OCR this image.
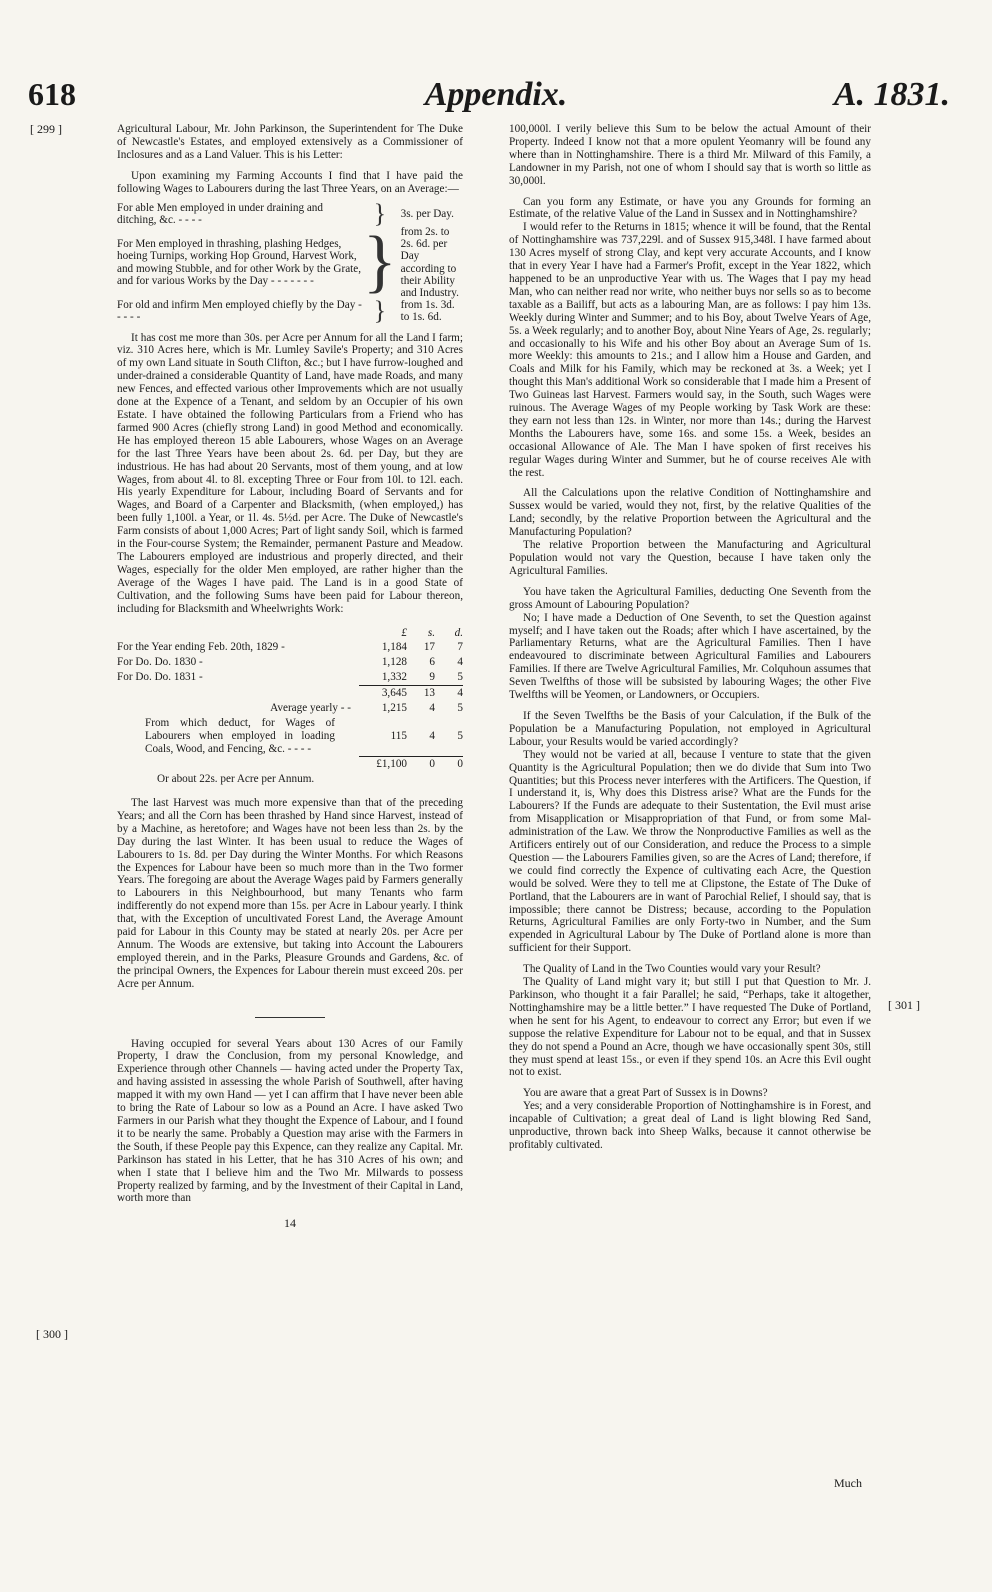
618	Appendix.	A. 1831.
[ 299 ]
[ 300 ]
[ 301 ]

Agricultural Labour, Mr. John Parkinson, the Superintendent for The Duke of Newcastle's Estates, and employed extensively as a Commissioner of Inclosures and as a Land Valuer. This is his Letter:

Upon examining my Farming Accounts I find that I have paid the following Wages to Labourers during the last Three Years, on an Average:—

For able Men employed in under draining and ditching, &c. - - - -	}	3s. per Day.
For Men employed in thrashing, plashing Hedges, hoeing Turnips, working Hop Ground, Harvest Work, and mowing Stubble, and for other Work by the Grate, and for various Works by the Day - - - - - - -	}	from 2s. to 2s. 6d. per Day according to their Ability and Industry.
For old and infirm Men employed chiefly by the Day - - - - -	}	from 1s. 3d. to 1s. 6d.

It has cost me more than 30s. per Acre per Annum for all the Land I farm; viz. 310 Acres here, which is Mr. Lumley Savile's Property; and 310 Acres of my own Land situate in South Clifton, &c.; but I have furrow-loughed and under-drained a considerable Quantity of Land, have made Roads, and many new Fences, and effected various other Improvements which are not usually done at the Expence of a Tenant, and seldom by an Occupier of his own Estate. I have obtained the following Particulars from a Friend who has farmed 900 Acres (chiefly strong Land) in good Method and economically. He has employed thereon 15 able Labourers, whose Wages on an Average for the last Three Years have been about 2s. 6d. per Day, but they are industrious. He has had about 20 Servants, most of them young, and at low Wages, from about 4l. to 8l. excepting Three or Four from 10l. to 12l. each. His yearly Expenditure for Labour, including Board of Servants and for Wages, and Board of a Carpenter and Blacksmith, (when employed,) has been fully 1,100l. a Year, or 1l. 4s. 5½d. per Acre. The Duke of Newcastle's Farm consists of about 1,000 Acres; Part of light sandy Soil, which is farmed in the Four-course System; the Remainder, permanent Pasture and Meadow. The Labourers employed are industrious and properly directed, and their Wages, especially for the older Men employed, are rather higher than the Average of the Wages I have paid. The Land is in a good State of Cultivation, and the following Sums have been paid for Labour thereon, including for Blacksmith and Wheelwrights Work:

	£	s.	d.
For the Year ending Feb. 20th, 1829 -	1,184	17	7
For Do. Do. 1830 -	1,128	6	4
For Do. Do. 1831 -	1,332	9	5
	3,645	13	4
Average yearly - -	1,215	4	5
From which deduct, for Wages of Labourers when employed in loading Coals, Wood, and Fencing, &c. - - - -	115	4	5
	£1,100	0	0
Or about 22s. per Acre per Annum.			

The last Harvest was much more expensive than that of the preceding Years; and all the Corn has been thrashed by Hand since Harvest, instead of by a Machine, as heretofore; and Wages have not been less than 2s. by the Day during the last Winter. It has been usual to reduce the Wages of Labourers to 1s. 8d. per Day during the Winter Months. For which Reasons the Expences for Labour have been so much more than in the Two former Years. The foregoing are about the Average Wages paid by Farmers generally to Labourers in this Neighbourhood, but many Tenants who farm indifferently do not expend more than 15s. per Acre in Labour yearly. I think that, with the Exception of uncultivated Forest Land, the Average Amount paid for Labour in this County may be stated at nearly 20s. per Acre per Annum. The Woods are extensive, but taking into Account the Labourers employed therein, and in the Parks, Pleasure Grounds and Gardens, &c. of the principal Owners, the Expences for Labour therein must exceed 20s. per Acre per Annum.

Having occupied for several Years about 130 Acres of our Family Property, I draw the Conclusion, from my personal Knowledge, and Experience through other Channels — having acted under the Property Tax, and having assisted in assessing the whole Parish of Southwell, after having mapped it with my own Hand — yet I can affirm that I have never been able to bring the Rate of Labour so low as a Pound an Acre. I have asked Two Farmers in our Parish what they thought the Expence of Labour, and I found it to be nearly the same. Probably a Question may arise with the Farmers in the South, if these People pay this Expence, can they realize any Capital. Mr. Parkinson has stated in his Letter, that he has 310 Acres of his own; and when I state that I believe him and the Two Mr. Milwards to possess Property realized by farming, and by the Investment of their Capital in Land, worth more than

14

100,000l. I verily believe this Sum to be below the actual Amount of their Property. Indeed I know not that a more opulent Yeomanry will be found any where than in Nottinghamshire. There is a third Mr. Milward of this Family, a Landowner in my Parish, not one of whom I should say that is worth so little as 30,000l.

Can you form any Estimate, or have you any Grounds for forming an Estimate, of the relative Value of the Land in Sussex and in Nottinghamshire?

I would refer to the Returns in 1815; whence it will be found, that the Rental of Nottinghamshire was 737,229l. and of Sussex 915,348l. I have farmed about 130 Acres myself of strong Clay, and kept very accurate Accounts, and I know that in every Year I have had a Farmer's Profit, except in the Year 1822, which happened to be an unproductive Year with us. The Wages that I pay my head Man, who can neither read nor write, who neither buys nor sells so as to become taxable as a Bailiff, but acts as a labouring Man, are as follows: I pay him 13s. Weekly during Winter and Summer; and to his Boy, about Twelve Years of Age, 5s. a Week regularly; and to another Boy, about Nine Years of Age, 2s. regularly; and occasionally to his Wife and his other Boy about an Average Sum of 1s. more Weekly: this amounts to 21s.; and I allow him a House and Garden, and Coals and Milk for his Family, which may be reckoned at 3s. a Week; yet I thought this Man's additional Work so considerable that I made him a Present of Two Guineas last Harvest. Farmers would say, in the South, such Wages were ruinous. The Average Wages of my People working by Task Work are these: they earn not less than 12s. in Winter, nor more than 14s.; during the Harvest Months the Labourers have, some 16s. and some 15s. a Week, besides an occasional Allowance of Ale. The Man I have spoken of first receives his regular Wages during Winter and Summer, but he of course receives Ale with the rest.

All the Calculations upon the relative Condition of Nottinghamshire and Sussex would be varied, would they not, first, by the relative Qualities of the Land; secondly, by the relative Proportion between the Agricultural and the Manufacturing Population?

The relative Proportion between the Manufacturing and Agricultural Population would not vary the Question, because I have taken only the Agricultural Families.

You have taken the Agricultural Families, deducting One Seventh from the gross Amount of Labouring Population?

No; I have made a Deduction of One Seventh, to set the Question against myself; and I have taken out the Roads; after which I have ascertained, by the Parliamentary Returns, what are the Agricultural Families. Then I have endeavoured to discriminate between Agricultural Families and Labourers Families. If there are Twelve Agricultural Families, Mr. Colquhoun assumes that Seven Twelfths of those will be subsisted by labouring Wages; the other Five Twelfths will be Yeomen, or Landowners, or Occupiers.

If the Seven Twelfths be the Basis of your Calculation, if the Bulk of the Population be a Manufacturing Population, not employed in Agricultural Labour, your Results would be varied accordingly?

They would not be varied at all, because I venture to state that the given Quantity is the Agricultural Population; then we do divide that Sum into Two Quantities; but this Process never interferes with the Artificers. The Question, if I understand it, is, Why does this Distress arise? What are the Funds for the Labourers? If the Funds are adequate to their Sustentation, the Evil must arise from Misapplication or Misappropriation of that Fund, or from some Mal-administration of the Law. We throw the Nonproductive Families as well as the Artificers entirely out of our Consideration, and reduce the Process to a simple Question — the Labourers Families given, so are the Acres of Land; therefore, if we could find correctly the Expence of cultivating each Acre, the Question would be solved. Were they to tell me at Clipstone, the Estate of The Duke of Portland, that the Labourers are in want of Parochial Relief, I should say, that is impossible; there cannot be Distress; because, according to the Population Returns, Agricultural Families are only Forty-two in Number, and the Sum expended in Agricultural Labour by The Duke of Portland alone is more than sufficient for their Support.

The Quality of Land in the Two Counties would vary your Result?

The Quality of Land might vary it; but still I put that Question to Mr. J. Parkinson, who thought it a fair Parallel; he said, “Perhaps, take it altogether, Nottinghamshire may be a little better.” I have requested The Duke of Portland, when he sent for his Agent, to endeavour to correct any Error; but even if we suppose the relative Expenditure for Labour not to be equal, and that in Sussex they do not spend a Pound an Acre, though we have occasionally spent 30s, still they must spend at least 15s., or even if they spend 10s. an Acre this Evil ought not to exist.

You are aware that a great Part of Sussex is in Downs?

Yes; and a very considerable Proportion of Nottinghamshire is in Forest, and incapable of Cultivation; a great deal of Land is light blowing Red Sand, unproductive, thrown back into Sheep Walks, because it cannot otherwise be profitably cultivated.

Much
